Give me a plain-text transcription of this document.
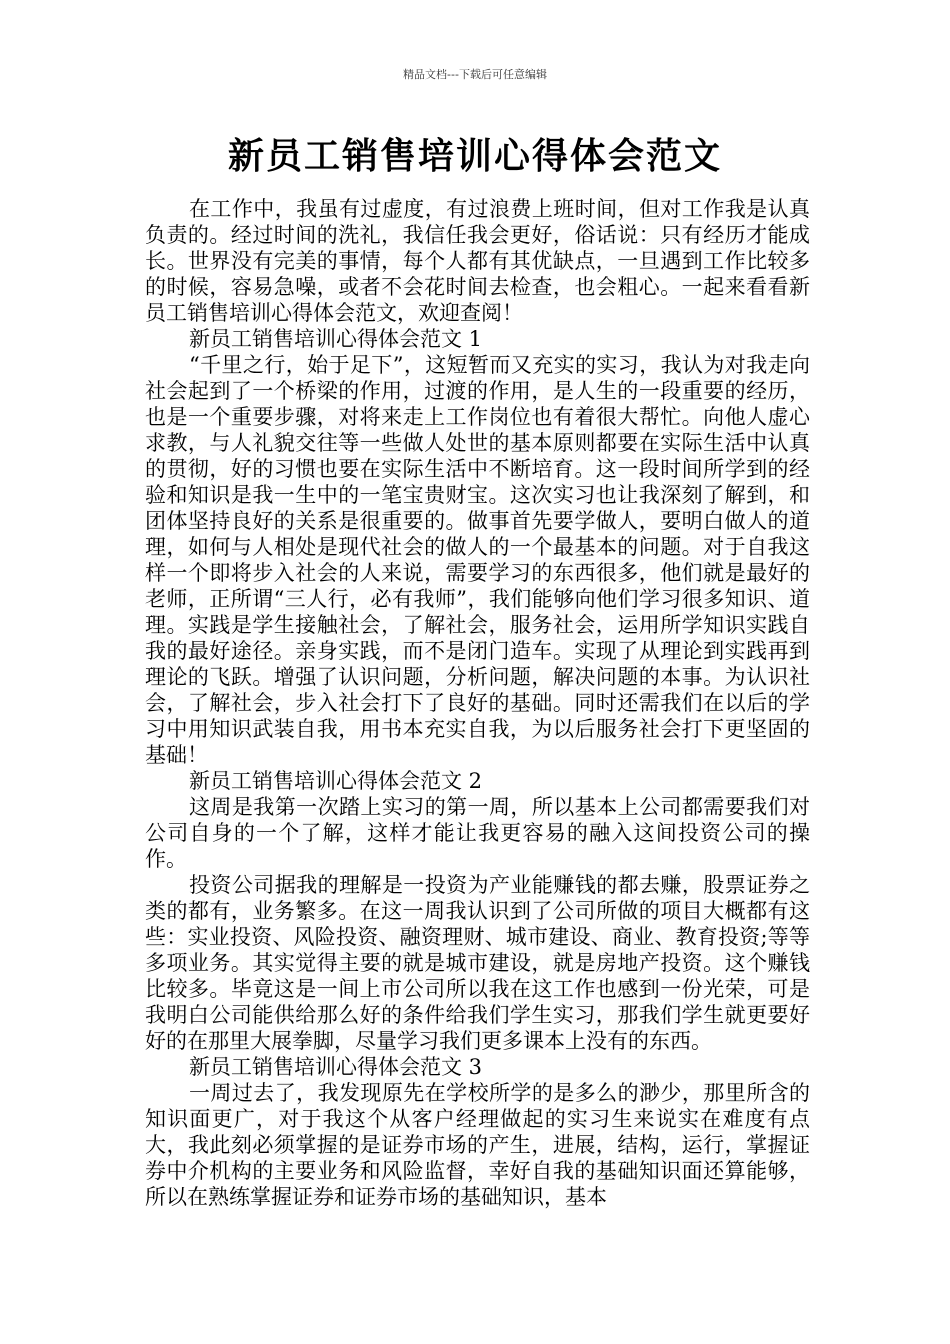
精品文档---下载后可任意编辑
新员工销售培训心得体会范文

在工作中，我虽有过虚度，有过浪费上班时间，但对工作我是认真负责的。经过时间的洗礼，我信任我会更好，俗话说：只有经历才能成长。世界没有完美的事情，每个人都有其优缺点，一旦遇到工作比较多的时候，容易急噪，或者不会花时间去检查，也会粗心。一起来看看新员工销售培训心得体会范文，欢迎查阅！

新员工销售培训心得体会范文 1

“千里之行，始于足下”，这短暂而又充实的实习，我认为对我走向社会起到了一个桥梁的作用，过渡的作用，是人生的一段重要的经历，也是一个重要步骤，对将来走上工作岗位也有着很大帮忙。向他人虚心求教，与人礼貌交往等一些做人处世的基本原则都要在实际生活中认真的贯彻，好的习惯也要在实际生活中不断培育。这一段时间所学到的经验和知识是我一生中的一笔宝贵财宝。这次实习也让我深刻了解到，和团体坚持良好的关系是很重要的。做事首先要学做人，要明白做人的道理，如何与人相处是现代社会的做人的一个最基本的问题。对于自我这样一个即将步入社会的人来说，需要学习的东西很多，他们就是最好的老师，正所谓“三人行，必有我师”，我们能够向他们学习很多知识、道理。实践是学生接触社会，了解社会，服务社会，运用所学知识实践自我的最好途径。亲身实践，而不是闭门造车。实现了从理论到实践再到理论的飞跃。增强了认识问题，分析问题，解决问题的本事。为认识社会，了解社会，步入社会打下了良好的基础。同时还需我们在以后的学习中用知识武装自我，用书本充实自我，为以后服务社会打下更坚固的基础！

新员工销售培训心得体会范文 2

这周是我第一次踏上实习的第一周，所以基本上公司都需要我们对公司自身的一个了解，这样才能让我更容易的融入这间投资公司的操作。

投资公司据我的理解是一投资为产业能赚钱的都去赚，股票证券之类的都有，业务繁多。在这一周我认识到了公司所做的项目大概都有这些：实业投资、风险投资、融资理财、城市建设、商业、教育投资;等等多项业务。其实觉得主要的就是城市建设，就是房地产投资。这个赚钱比较多。毕竟这是一间上市公司所以我在这工作也感到一份光荣，可是我明白公司能供给那么好的条件给我们学生实习，那我们学生就更要好好的在那里大展拳脚，尽量学习我们更多课本上没有的东西。

新员工销售培训心得体会范文 3

一周过去了，我发现原先在学校所学的是多么的渺少，那里所含的知识面更广，对于我这个从客户经理做起的实习生来说实在难度有点大，我此刻必须掌握的是证券市场的产生，进展，结构，运行，掌握证券中介机构的主要业务和风险监督，幸好自我的基础知识面还算能够，所以在熟练掌握证券和证券市场的基础知识，基本
